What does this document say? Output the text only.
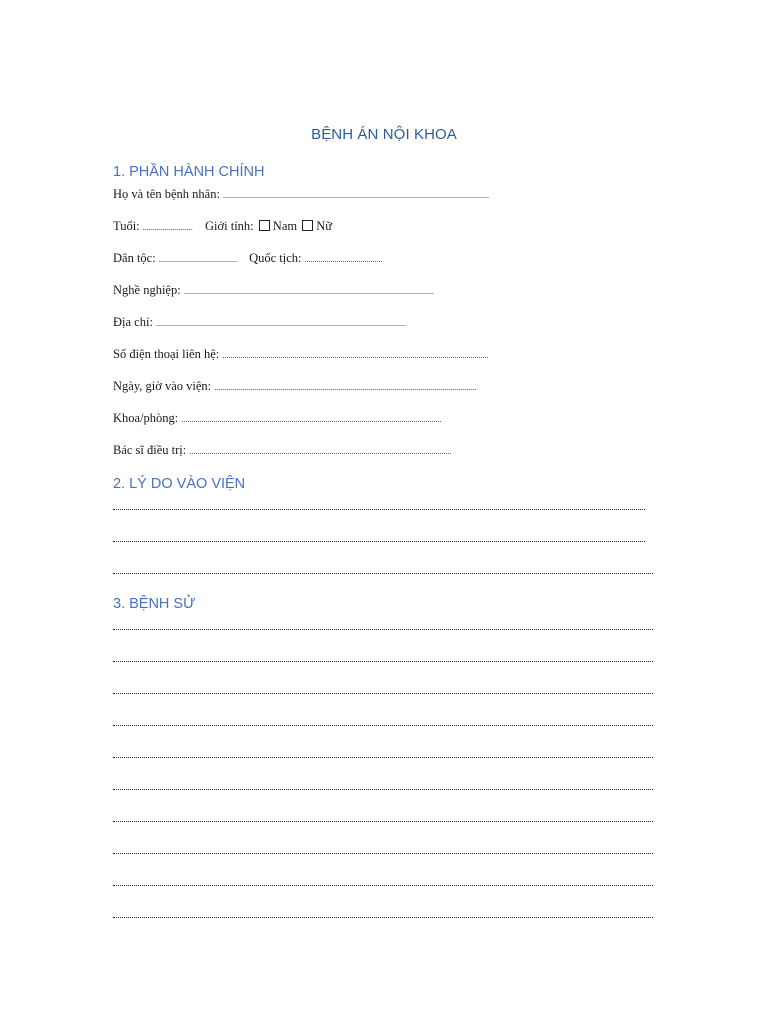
BỆNH ÁN NỘI KHOA
1. PHẦN HÀNH CHÍNH
Họ và tên bệnh nhân: .....................................................................................................................................
Tuổi: ......................... Giới tính: Nam Nữ
Dân tộc: ....................................... Quốc tịch: .......................................
Nghề nghiệp: .............................................................................................................................
Địa chỉ: .............................................................................................................................
Số điện thoại liên hệ: .....................................................................................................................................
Ngày, giờ vào viện: ...................................................................................................................................
Khoa/phòng: ..................................................................................................................................
Bác sĩ điều trị: ...................................................................................................................................
2. LÝ DO VÀO VIỆN
3. BỆNH SỬ
